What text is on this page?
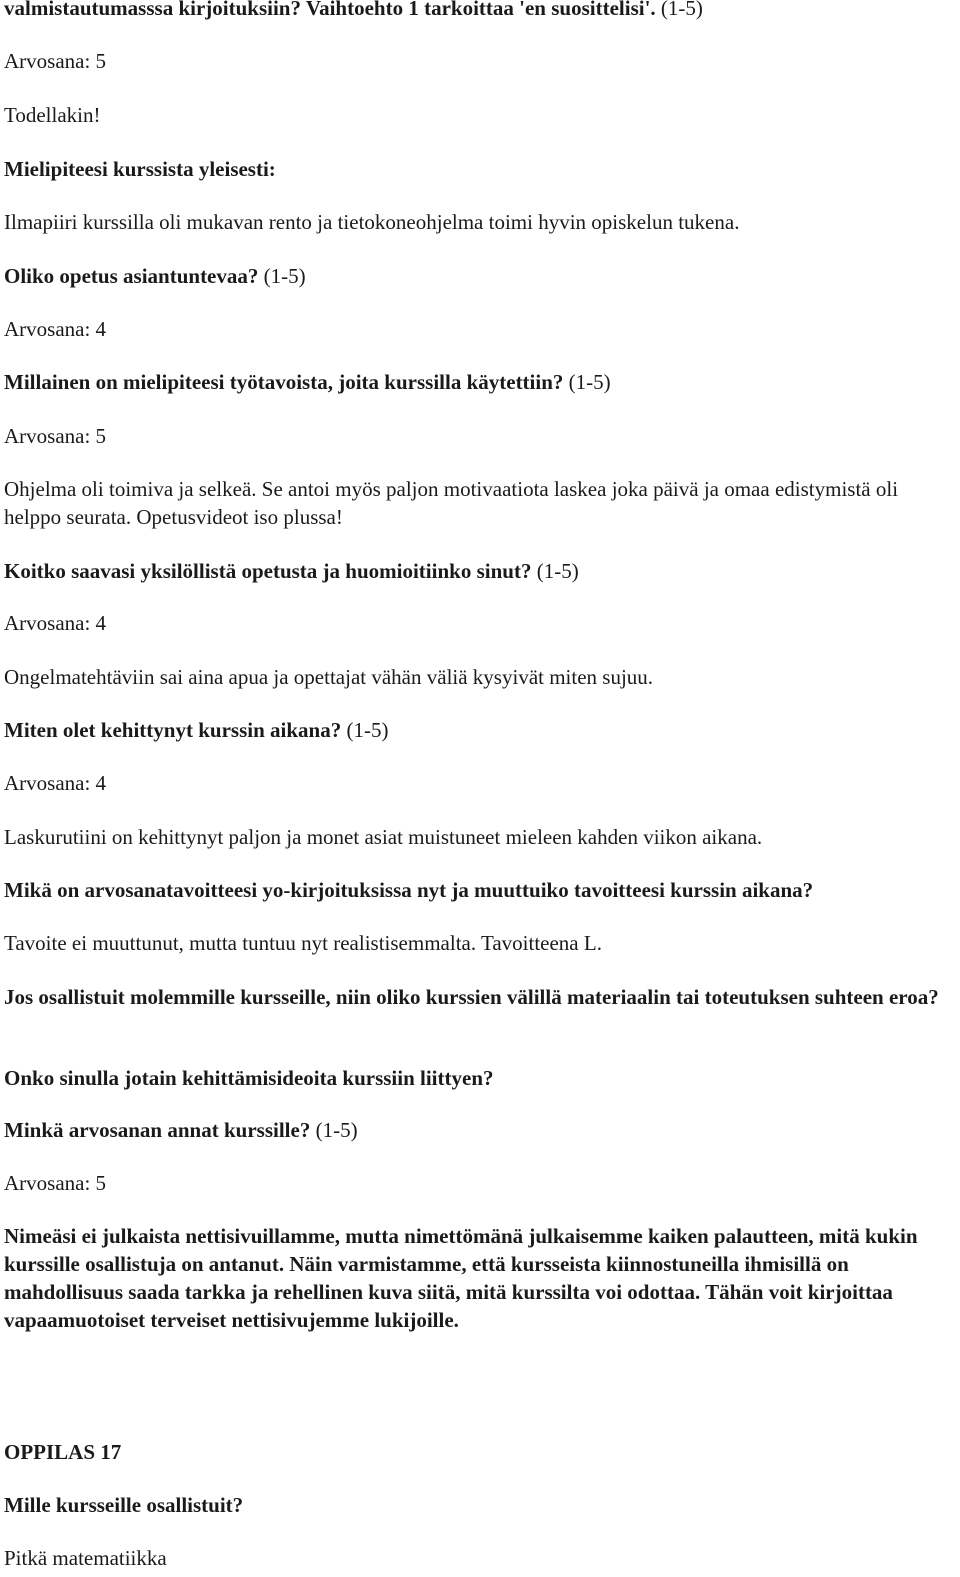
valmistautumasssa kirjoituksiin? Vaihtoehto 1 tarkoittaa 'en suosittelisi'. (1-5)

Arvosana: 5

Todellakin!

Mielipiteesi kurssista yleisesti:

Ilmapiiri kurssilla oli mukavan rento ja tietokoneohjelma toimi hyvin opiskelun tukena.

Oliko opetus asiantuntevaa? (1-5)

Arvosana: 4

Millainen on mielipiteesi työtavoista, joita kurssilla käytettiin? (1-5)

Arvosana: 5

Ohjelma oli toimiva ja selkeä. Se antoi myös paljon motivaatiota laskea joka päivä ja omaa edistymistä oli helppo seurata. Opetusvideot iso plussa!

Koitko saavasi yksilöllistä opetusta ja huomioitiinko sinut? (1-5)

Arvosana: 4

Ongelmatehtäviin sai aina apua ja opettajat vähän väliä kysyivät miten sujuu.

Miten olet kehittynyt kurssin aikana? (1-5)

Arvosana: 4

Laskurutiini on kehittynyt paljon ja monet asiat muistuneet mieleen kahden viikon aikana.

Mikä on arvosanatavoitteesi yo-kirjoituksissa nyt ja muuttuiko tavoitteesi kurssin aikana?

Tavoite ei muuttunut, mutta tuntuu nyt realistisemmalta. Tavoitteena L.

Jos osallistuit molemmille kursseille, niin oliko kurssien välillä materiaalin tai toteutuksen suhteen eroa?

Onko sinulla jotain kehittämisideoita kurssiin liittyen?

Minkä arvosanan annat kurssille? (1-5)

Arvosana: 5

Nimeäsi ei julkaista nettisivuillamme, mutta nimettömänä julkaisemme kaiken palautteen, mitä kukin kurssille osallistuja on antanut. Näin varmistamme, että kursseista kiinnostuneilla ihmisillä on mahdollisuus saada tarkka ja rehellinen kuva siitä, mitä kurssilta voi odottaa. Tähän voit kirjoittaa vapaamuotoiset terveiset nettisivujemme lukijoille.

OPPILAS 17

Mille kursseille osallistuit?

Pitkä matematiikka
